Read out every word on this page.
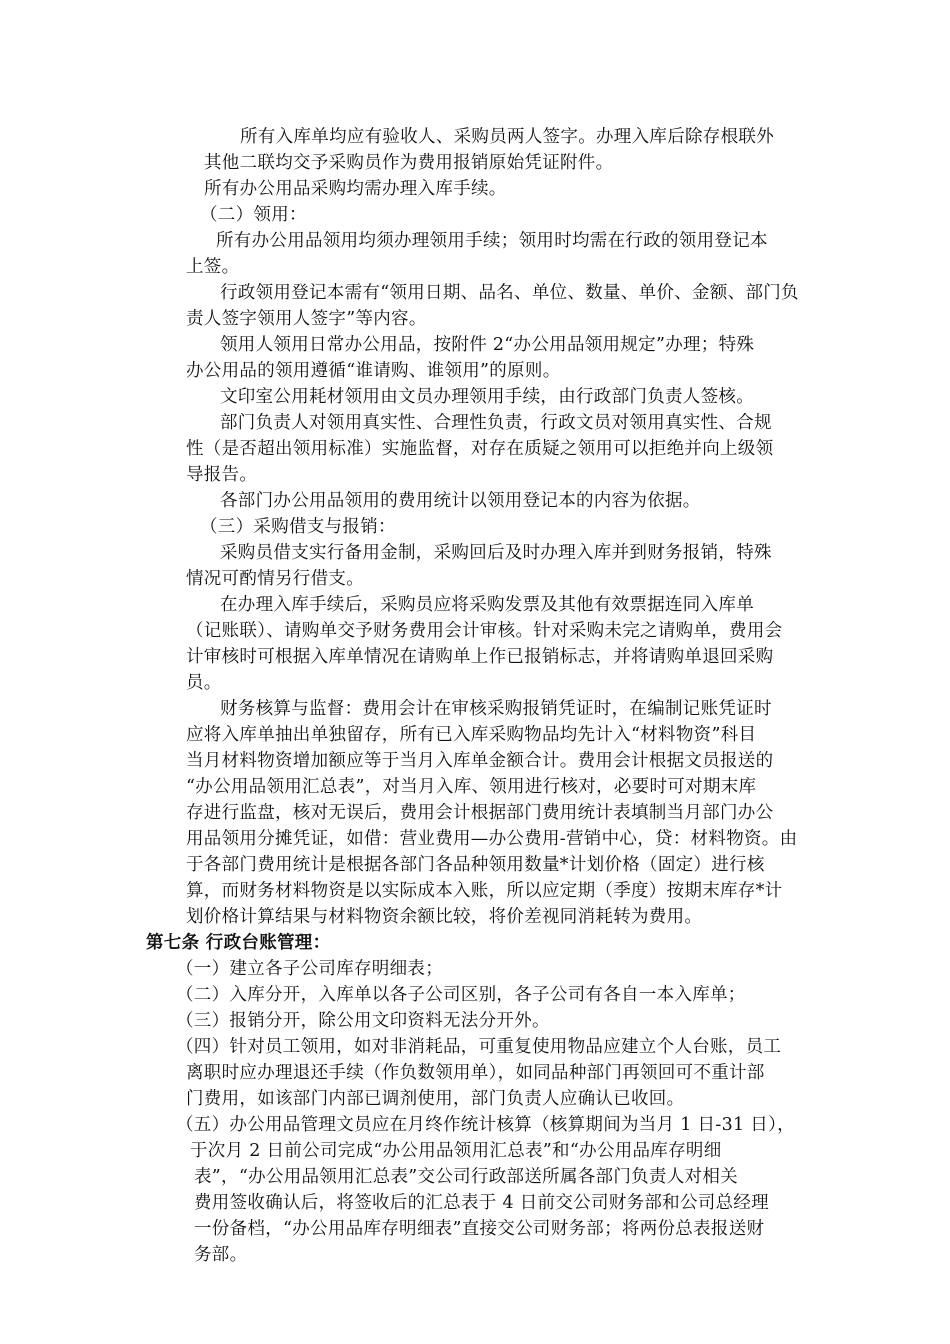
所有入库单均应有验收人、采购员两人签字。办理入库后除存根联外
其他二联均交予采购员作为费用报销原始凭证附件。
所有办公用品采购均需办理入库手续。
（二）领用：
所有办公用品领用均须办理领用手续；领用时均需在行政的领用登记本
上签。
行政领用登记本需有“领用日期、品名、单位、数量、单价、金额、部门负
责人签字领用人签字”等内容。
领用人领用日常办公用品，按附件 2“办公用品领用规定”办理；特殊
办公用品的领用遵循“谁请购、谁领用”的原则。
文印室公用耗材领用由文员办理领用手续，由行政部门负责人签核。
部门负责人对领用真实性、合理性负责，行政文员对领用真实性、合规
性（是否超出领用标准）实施监督，对存在质疑之领用可以拒绝并向上级领
导报告。
各部门办公用品领用的费用统计以领用登记本的内容为依据。
（三）采购借支与报销：
采购员借支实行备用金制，采购回后及时办理入库并到财务报销，特殊
情况可酌情另行借支。
在办理入库手续后，采购员应将采购发票及其他有效票据连同入库单
（记账联）、请购单交予财务费用会计审核。针对采购未完之请购单，费用会
计审核时可根据入库单情况在请购单上作已报销标志，并将请购单退回采购
员。
财务核算与监督：费用会计在审核采购报销凭证时，在编制记账凭证时
应将入库单抽出单独留存，所有已入库采购物品均先计入“材料物资”科目
当月材料物资增加额应等于当月入库单金额合计。费用会计根据文员报送的
“办公用品领用汇总表”，对当月入库、领用进行核对，必要时可对期末库
存进行监盘，核对无误后，费用会计根据部门费用统计表填制当月部门办公
用品领用分摊凭证，如借：营业费用—办公费用-营销中心，贷：材料物资。由
于各部门费用统计是根据各部门各品种领用数量*计划价格（固定）进行核
算，而财务材料物资是以实际成本入账，所以应定期（季度）按期末库存*计
划价格计算结果与材料物资余额比较，将价差视同消耗转为费用。
第七条 行政台账管理：
（一）建立各子公司库存明细表；
（二）入库分开，入库单以各子公司区别，各子公司有各自一本入库单；
（三）报销分开，除公用文印资料无法分开外。
（四）针对员工领用，如对非消耗品，可重复使用物品应建立个人台账，员工
离职时应办理退还手续（作负数领用单），如同品种部门再领回可不重计部
门费用，如该部门内部已调剂使用，部门负责人应确认已收回。
（五）办公用品管理文员应在月终作统计核算（核算期间为当月 1 日-31 日），
于次月 2 日前公司完成“办公用品领用汇总表”和“办公用品库存明细
表”，“办公用品领用汇总表”交公司行政部送所属各部门负责人对相关
费用签收确认后，将签收后的汇总表于 4 日前交公司财务部和公司总经理
一份备档，“办公用品库存明细表”直接交公司财务部；将两份总表报送财
务部。
